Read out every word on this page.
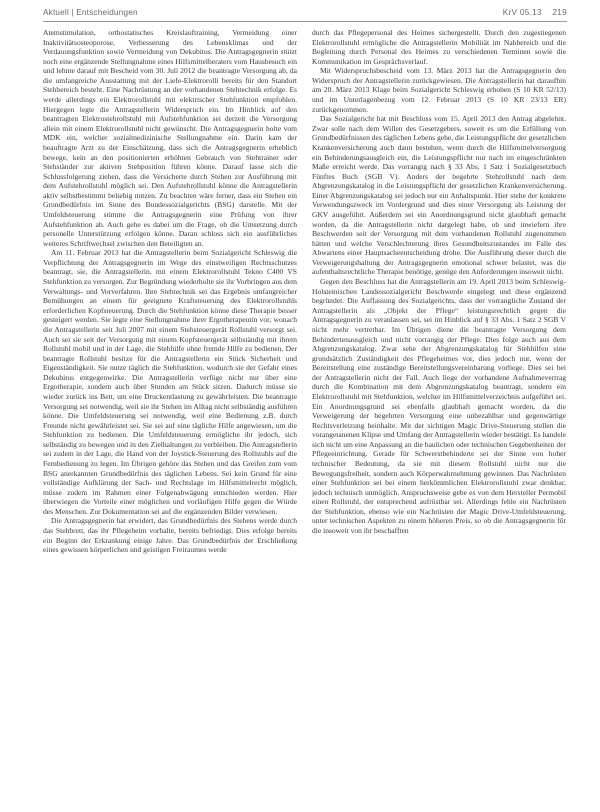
Aktuell | Entscheidungen	KrV 05.13 219

Atemstimulation, orthostatisches Kreislauftraining, Vermeidung einer Inaktivitätsosteoporose, Verbesserung des Lebensklimas und der Verdauungsfunktion sowie Vermeidung von Dekubitus. Die Antragsgegnerin stützt noch eine ergänzende Stellungnahme eines Hilfsmittelberaters vom Hausbesuch ein und lehnte darauf mit Bescheid vom 30. Juli 2012 die beantragte Versorgung ab, da die umfangreiche Ausstattung mit der Liefe-Elektrorolli bereits für den Standort Stehbereich besteht. Eine Nachrüstung an der vorhandenen Stehtechnik erfolge. Es werde allerdings ein Elektrorollstuhl mit elektrischer Stehfunktion empfohlen. Hiergegen legte die Antragstellerin Widerspruch ein. Im Hinblick auf den beantragten Elektrostehrollstuhl mit Aufstehfunktion sei derzeit die Versorgung allein mit einem Elektrorollstuhl nicht gewünscht. Die Antragsgegnerin holte vom MDK ein, welcher sozialmedizinische Stellungnahme ein. Darin kam der beauftragte Arzt zu der Einschätzung, dass sich die Antragsgegnerin erheblich bewege, kein an den positionierten erhöhten Gebrauch von Stehtrainer oder Stehständer zur aktiven Stehposition führen könne. Darauf lasse sich die Schlussfolgerung ziehen, dass die Versicherte durch Stehen zur Ausführung mit dem Aufstehrollstuhl möglich sei. Den Aufstehrollstuhl könne die Antragstellerin aktiv selbstbestimmt beliebig nutzen. Zu beachten wäre ferner, dass ein Stehen ein Grundbedürfnis im Sinne des Bundessozialgerichts (BSG) darstelle. Mit der Umfeldsteuerung stimme die Antragsgegnerin eine Prüfung von ihrer Aufstehfunktion ab. Auch gehe es dabei um die Frage, ob die Umsetzung durch personelle Unterstützung erfolgen könne. Daran schloss sich ein ausführliches weiteres Schriftwechsel zwischen den Beteiligten an.

Am 11. Februar 2013 hat die Antragstellerin beim Sozialgericht Schleswig die Verpflichtung der Antragsgegnerin im Wege des einstweiligen Rechtsschutzes beantragt, sie, die Antragstellerin, mit einem Elektrorollstuhl Tekno C400 VS Stehfunktion zu versorgen. Zur Begründung wiederholte sie ihr Vorbringen aus dem Verwaltungs- und Vorverfahren. Ihre Stehtechnik sei das Ergebnis umfangreicher Bemühungen an einem für geeignete Kraftsteuerung des Elektrorollstuhls erforderlichen Kopfsteuerung. Durch die Stehfunktion könne diese Therapie besser gesteigert werden. Sie legte eine Stellungnahme ihrer Ergotherapeutin vor, wonach die Antragstellerin seit Juli 2007 mit einem Stehsteuergerät Rollstuhl versorgt sei. Auch sei sie seit der Versorgung mit einem Kopfsteuergerät selbständig mit ihrem Rollstuhl mobil und in der Lage, die Stehhilfe ohne fremde Hilfe zu bedienen. Der beantragte Rollstuhl besitze für die Antragstellerin ein Stück Sicherheit und Eigenständigkeit. Sie nutze täglich die Stehfunktion, wodurch sie der Gefahr eines Dekubitus entgegenwirke. Die Antragstellerin verfüge nicht nur über eine Ergotherapie, sondern auch über Stunden am Stück sitzen. Dadurch müsse sie wieder zurück ins Bett, um eine Druckentlastung zu gewährleisten. Die beantragte Versorgung sei notwendig, weil sie ihr Stehen im Alltag nicht selbständig ausführen könne. Die Umfeldsteuerung sei notwendig, weil eine Bedienung z.B. durch Freunde nicht gewährleistet sei. Sie sei auf eine tägliche Hilfe angewiesen, um die Stehfunktion zu bedienen. Die Umfeldsteuerung ermögliche ihr jedoch, sich selbständig zu bewegen und in den Zielhaltungen zu verbleiben. Die Antragstellerin sei zudem in der Lage, die Hand von der Joystick-Steuerung des Rollstuhls auf die Fernbedienung zu legen. Im Übrigen gehöre das Stehen und das Greifen zum vom BSG anerkannten Grundbedürfnis des täglichen Lebens. Sei kein Grund für eine vollständige Aufklärung der Sach- und Rechtslage im Hilfsmittelrecht möglich, müsse zudem im Rahmen einer Folgenabwägung entschieden werden. Hier überwiegen die Vorteile einer möglichen und vorläufigen Hilfe gegen die Würde des Menschen. Zur Dokumentation sei auf die ergänzenden Bilder verwiesen.

Die Antragsgegnerin hat erwidert, das Grundbedürfnis des Stehens werde durch das Stehbrett, das ihr Pflegeheim vorhalte, bereits befriedigt. Dies erfolge bereits ein Beginn der Erkrankung einige Jahre. Das Grundbedürfnis der Erschließung eines gewissen körperlichen und geistigen Freiraumes werde

durch das Pflegepersonal des Heimes sichergestellt. Durch den zugestiegenen Elektrorollstuhl ermögliche die Antragstellerin Mobilität im Nahbereich und die Begleitung durch Personal des Heimes zu verschiedenen Terminen sowie die Kommunikation im Gesprächsverlauf.

Mit Widerspruchsbescheid vom 13. März 2013 hat die Antragsgegnerin den Widerspruch der Antragstellerin zurückgewiesen. Die Antragstellerin hat daraufhin am 20. März 2013 Klage beim Sozialgericht Schleswig erhoben (S 10 KR 52/13) und im Unterlagenbezug vom 12. Februar 2013 (S 10 KR 23/13 ER) zurückgenommen.

Das Sozialgericht hat mit Beschluss vom 15. April 2013 den Antrag abgelehnt. Zwar solle nach dem Willen des Gesetzgebers, soweit es um die Erfüllung von Grundbedürfnissen des täglichen Lebens gehe, die Leistungspflicht der gesetzlichen Krankenversicherung auch dann bestehen, wenn durch die Hilfsmittelversorgung ein Behinderungsausgleich ein, die Leistungspflicht nur nach im eingeschränkten Maße erreicht werde. Das vorrangig nach § 33 Abs. 1 Satz 1 Sozialgesetzbuch Fünftes Buch (SGB V). Anders der begehrte Stehrollstuhl nach dem Abgrenzungskatalog in die Leistungspflicht der gesetzlichen Krankenversicherung. Einer Abgrenzungskatalog sei jedoch nur ein Anhaltspunkt. Hier stehe der konkrete Verwendungszweck im Vordergrund und dies einer Versorgung als Leistung der GKV ausgeführt. Außerdem sei ein Anordnungsgrund nicht glaubhaft gemacht worden, da die Antragstellerin nicht dargelegt habe, ob und inwiefern ihre Beschwerden seit der Versorgung mit dem vorhandenen Rollstuhl zugenommen hätten und welche Verschlechterung ihres Gesundheitszustandes im Falle des Abwartens einer Hauptsacheentscheidung drohe. Die Ausführung dieser durch die Verweigerungshaltung der Antragsgegnerin emotional schwer belastet, was die aufenthaltsrechtliche Therapie benötige, genüge den Anforderungen insoweit nicht.

Gegen den Beschluss hat die Antragstellerin am 19. April 2013 beim Schleswig-Holsteinischen Landessozialgericht Beschwerde eingelegt und diese ergänzend begründet. Die Auffassung des Sozialgerichts, dass der vorrangliche Zustand der Antragstellerin als „Objekt der Pflege“ leistungsrechtlich gegen die Antragsgegnerin zu veranlassen sei, sei im Hinblick auf § 33 Abs. 1 Satz 2 SGB V nicht mehr vertretbar. Im Übrigen diene die beantragte Versorgung dem Behindertenausgleich und nicht vorrangig der Pflege. Dies folge auch aus dem Abgrenzungskatalog. Zwar sehe der Abgrenzungskatalog für Stehhilfen eine grundsätzlich Zuständigkeit des Pflegeheimes vor, dies jedoch nur, wenn der Bereitstellung eine zuständige Bereitstellungsvereinbarung vorliege. Dies sei bei der Antragstellerin nicht der Fall. Auch liege der vorhandene Aufnahmevertrag durch die Kombination mit dem Abgrenzungskatalog beantragt, sondern ein Elektrorollstuhl mit Stehfunktion, welcher im Hilfsmittelverzeichnis aufgeführt sei. Ein Anordnungsgrund sei ebenfalls glaubhaft gemacht worden, da die Verweigerung der begehrten Versorgung eine unbezahlbar und gegenwärtige Rechtsverletzung beinhalte. Mit der sichtigen Magic Drive-Steuerung stellen die vorangetanenen Klipse und Umfang der Antragstellerin wieder bestätigt. Es handele sich nicht um eine Anpassung an die baulichen oder technischen Gegebenheiten der Pflegeeinrichtung. Gerade für Schwerstbehinderte sei der Sinne von hoher technischer Bedeutung, da sie mit diesem Rollstuhl nicht nur die Bewegungsfreiheit, sondern auch Körperwahrnehmung gewinnen. Das Nachrüsten einer Stehfunktion sei bei einem herkömmlichen Elektrorollstuhl zwar denkbar, jedoch technisch unmöglich. Anspruchsweise gebe es von dem Hersteller Permobil einen Rollstuhl, der entsprechend aufrüstbar sei. Allerdings fehle ein Nachrüsten der Stehfunktion, ebenso wie ein Nachrüsten der Magic Drive-Umfeldsteuerung, unter technischen Aspekten zu einem höheren Preis, so ob die Antragsgegnerin für die insoweit von ihr beschafften
